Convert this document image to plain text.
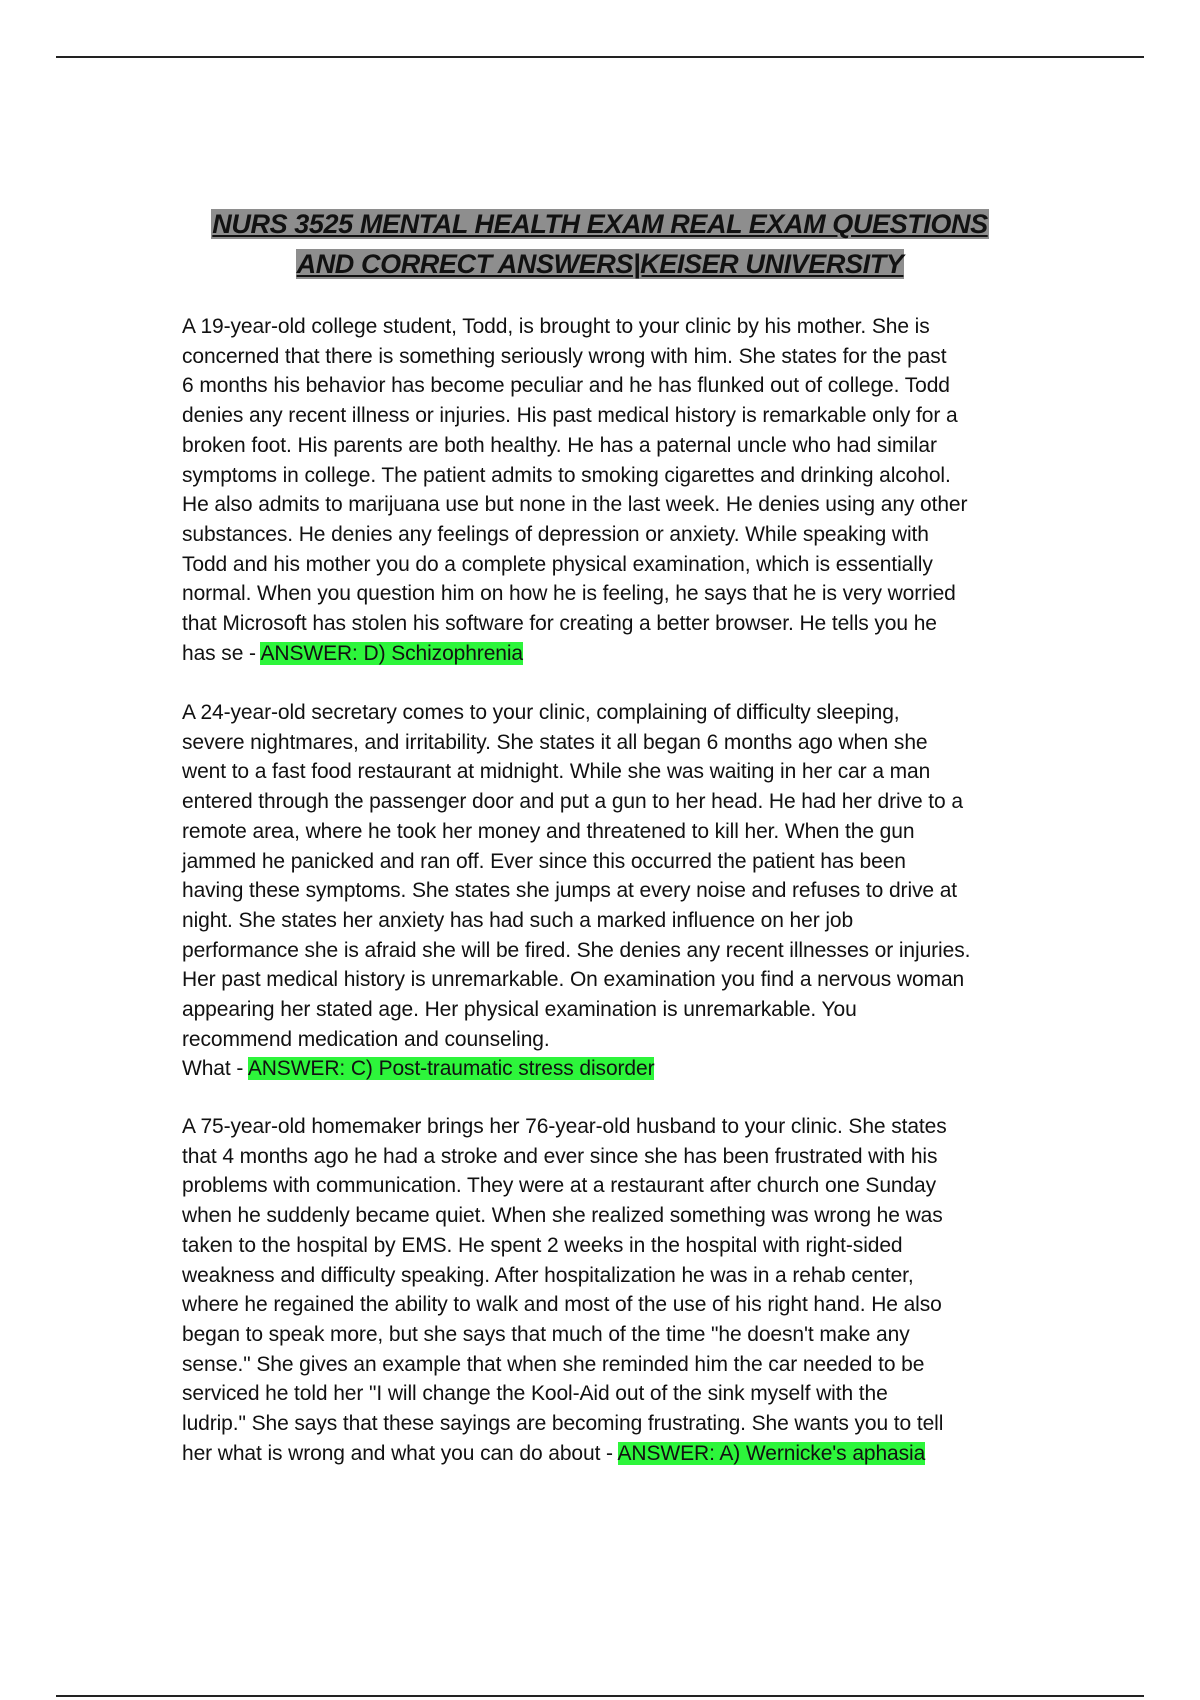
NURS 3525 MENTAL HEALTH EXAM REAL EXAM QUESTIONS
AND CORRECT ANSWERS|KEISER UNIVERSITY
A 19-year-old college student, Todd, is brought to your clinic by his mother. She is
concerned that there is something seriously wrong with him. She states for the past
6 months his behavior has become peculiar and he has flunked out of college. Todd
denies any recent illness or injuries. His past medical history is remarkable only for a
broken foot. His parents are both healthy. He has a paternal uncle who had similar
symptoms in college. The patient admits to smoking cigarettes and drinking alcohol.
He also admits to marijuana use but none in the last week. He denies using any other
substances. He denies any feelings of depression or anxiety. While speaking with
Todd and his mother you do a complete physical examination, which is essentially
normal. When you question him on how he is feeling, he says that he is very worried
that Microsoft has stolen his software for creating a better browser. He tells you he
has se - ANSWER: D) Schizophrenia
A 24-year-old secretary comes to your clinic, complaining of difficulty sleeping,
severe nightmares, and irritability. She states it all began 6 months ago when she
went to a fast food restaurant at midnight. While she was waiting in her car a man
entered through the passenger door and put a gun to her head. He had her drive to a
remote area, where he took her money and threatened to kill her. When the gun
jammed he panicked and ran off. Ever since this occurred the patient has been
having these symptoms. She states she jumps at every noise and refuses to drive at
night. She states her anxiety has had such a marked influence on her job
performance she is afraid she will be fired. She denies any recent illnesses or injuries.
Her past medical history is unremarkable. On examination you find a nervous woman
appearing her stated age. Her physical examination is unremarkable. You
recommend medication and counseling.
What - ANSWER: C) Post-traumatic stress disorder
A 75-year-old homemaker brings her 76-year-old husband to your clinic. She states
that 4 months ago he had a stroke and ever since she has been frustrated with his
problems with communication. They were at a restaurant after church one Sunday
when he suddenly became quiet. When she realized something was wrong he was
taken to the hospital by EMS. He spent 2 weeks in the hospital with right-sided
weakness and difficulty speaking. After hospitalization he was in a rehab center,
where he regained the ability to walk and most of the use of his right hand. He also
began to speak more, but she says that much of the time "he doesn't make any
sense." She gives an example that when she reminded him the car needed to be
serviced he told her "I will change the Kool-Aid out of the sink myself with the
ludrip." She says that these sayings are becoming frustrating. She wants you to tell
her what is wrong and what you can do about - ANSWER: A) Wernicke's aphasia
